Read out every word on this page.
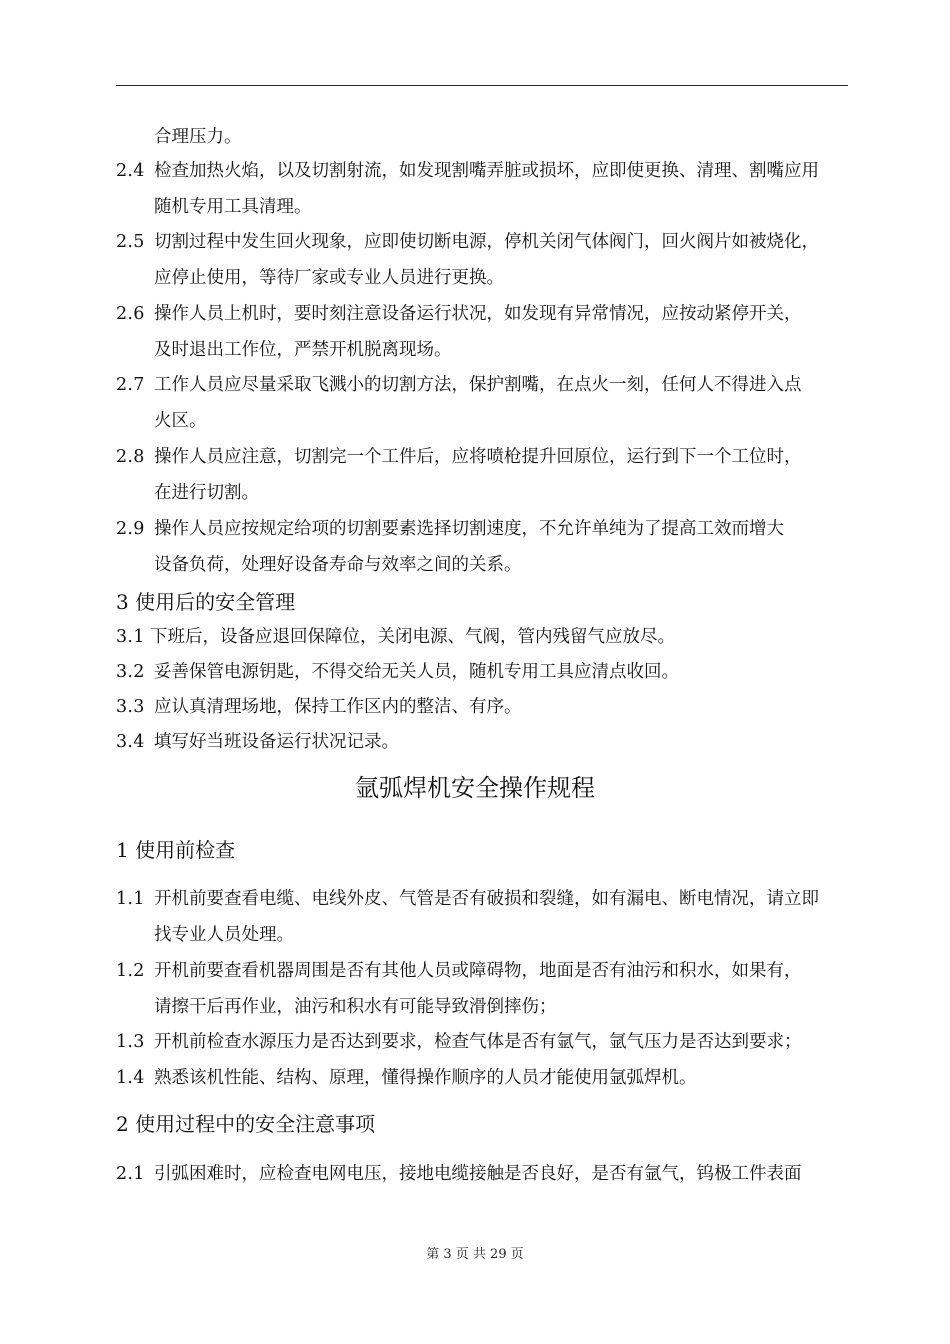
合理压力。
2.4 检查加热火焰，以及切割射流，如发现割嘴弄脏或损坏，应即使更换、清理、割嘴应用
随机专用工具清理。
2.5 切割过程中发生回火现象，应即使切断电源，停机关闭气体阀门，回火阀片如被烧化，
应停止使用，等待厂家或专业人员进行更换。
2.6 操作人员上机时，要时刻注意设备运行状况，如发现有异常情况，应按动紧停开关，
及时退出工作位，严禁开机脱离现场。
2.7 工作人员应尽量采取飞溅小的切割方法，保护割嘴，在点火一刻，任何人不得进入点
火区。
2.8 操作人员应注意，切割完一个工件后，应将喷枪提升回原位，运行到下一个工位时，
在进行切割。
2.9 操作人员应按规定给项的切割要素选择切割速度，不允许单纯为了提高工效而增大
设备负荷，处理好设备寿命与效率之间的关系。
3 使用后的安全管理
3.1 下班后，设备应退回保障位，关闭电源、气阀，管内残留气应放尽。
3.2 妥善保管电源钥匙，不得交给无关人员，随机专用工具应清点收回。
3.3 应认真清理场地，保持工作区内的整洁、有序。
3.4 填写好当班设备运行状况记录。
氩弧焊机安全操作规程
1 使用前检查
1.1 开机前要查看电缆、电线外皮、气管是否有破损和裂缝，如有漏电、断电情况，请立即
找专业人员处理。
1.2 开机前要查看机器周围是否有其他人员或障碍物，地面是否有油污和积水，如果有，
请擦干后再作业，油污和积水有可能导致滑倒摔伤；
1.3 开机前检查水源压力是否达到要求，检查气体是否有氩气，氩气压力是否达到要求；
1.4 熟悉该机性能、结构、原理，懂得操作顺序的人员才能使用氩弧焊机。
2 使用过程中的安全注意事项
2.1 引弧困难时，应检查电网电压，接地电缆接触是否良好，是否有氩气，钨极工件表面
第 3 页 共 29 页
